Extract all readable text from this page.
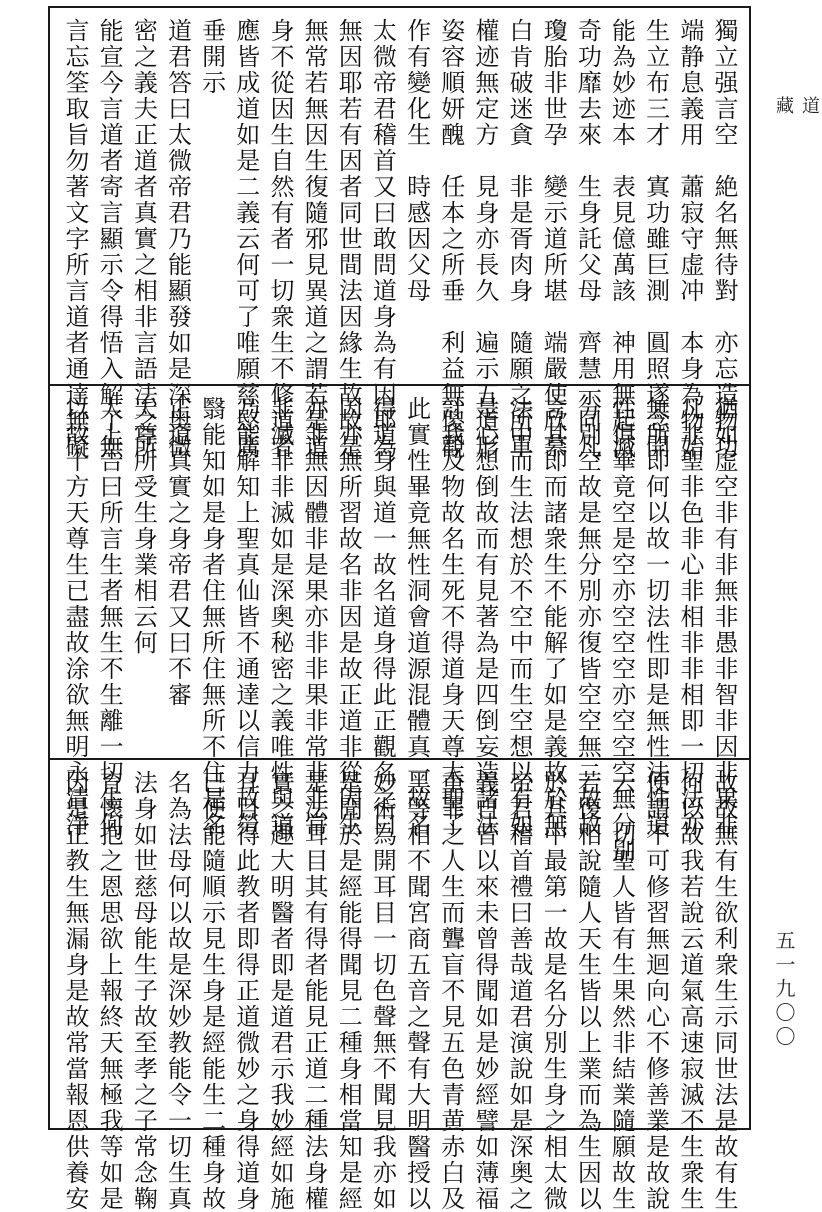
獨立强言空　絶名無待對　亦忘造物功
端静息義用　蕭寂守虚冲　本身為物始
生立布三才　寘功雖巨測　圓照遂念開
能為妙迹本　表見億萬該　神用無起滅
奇功靡去來　生身託父母　齊慧示同凡
瓊胎非世孕　變示道所堪　端嚴使欣慕
白肯破迷貪　非是胥肉身　隨願之所單
權迹無定方　見身亦長久　遍示五道形
姿容順妍醜　任本之所垂　利益無傻觀
作有變化生　時感因父母
太微帝君稽首又曰敢問道身為有因耶為
無因耶若有因者同世間法因緣生故故是
無常若無因生復隨邪見異道之謂若是道
身不從因生自然有者一切衆生不修道者
應皆成道如是二義云何可了唯願慈愍廣
垂開示
道君答曰太微帝君乃能顯發如是深奥微
密之義夫正道者真實之相非言語法之所
能宣今言道者寄言顯示令得悟入解了無
言忘筌取旨勿著文字所言道者通達無礙
猶如虚空非有非無非愚非智非因非果非
凡非聖非色非心非相非非相即一切法亦
無所即何以故一切法性即是無性法性道
性俱畢竟空是空亦空空空亦空空空無分別
分別空故是無分別亦復皆空空無二故故
言其即而諸衆生不能解了如是義故於無
法中而生法想於不空中而生空想以有如
是心想倒故而有見著為是四倒妄造諸法
計我及物故名生死不得道身天尊太聖了
此實性畢竟無性洞會道源混體真一故名
得道身與道一故名道身得此正觀名之曰
因亦無所習故名非因是故正道非從因生
亦非無因體非是果亦非非果非常非非常
非滅非非滅如是深奥秘密之義唯性與道
乃能解知上聖真仙皆不通達以信力故勞
翳能知如是身者住無所住無所不住是名
正道真實之身帝君又曰不審
天尊所受生身業相云何
太上告曰所言生者無生不生離一切生何
以故十方天尊生已盡故涂欲無明永清淨
故故無有生欲利衆生示同世法是故有生
何以故我若說云道氣高速寂滅不生衆生
便謂不可修習無迴向心不修善業是故說
云一切聖人皆有生果然非結業隨願故生
若復相說隨人天生皆以上業而為生因以
於其中最第一故是名分別生身之相太微
帝君稽首禮曰善哉道君演說如是深奥之
義自昔以來未曾得聞如是妙經譬如薄福
重罪之人生而聾盲不見五色青黄赤白及
黑等相不聞宮商五音之聲有大明醫授以
妙術為開耳目一切色聲無不聞見我亦如
是聞於是經能得聞見二種身相當知是經
是法耳目其有得者能見正道二種法身權
實之趣大明醫者即是道君示我妙經如施
耳目得此教者即得正道微妙之身得道身
已便能隨順示見生身是經能生二種身故
名為法母何以故是深妙教能令一切生真
法身如世慈母能生子故至孝之子常念鞠
育懷抱之恩思欲上報終天無極我等如是
因是正教生無漏身是故常當報恩供養安
道
藏
五一九〇〇
